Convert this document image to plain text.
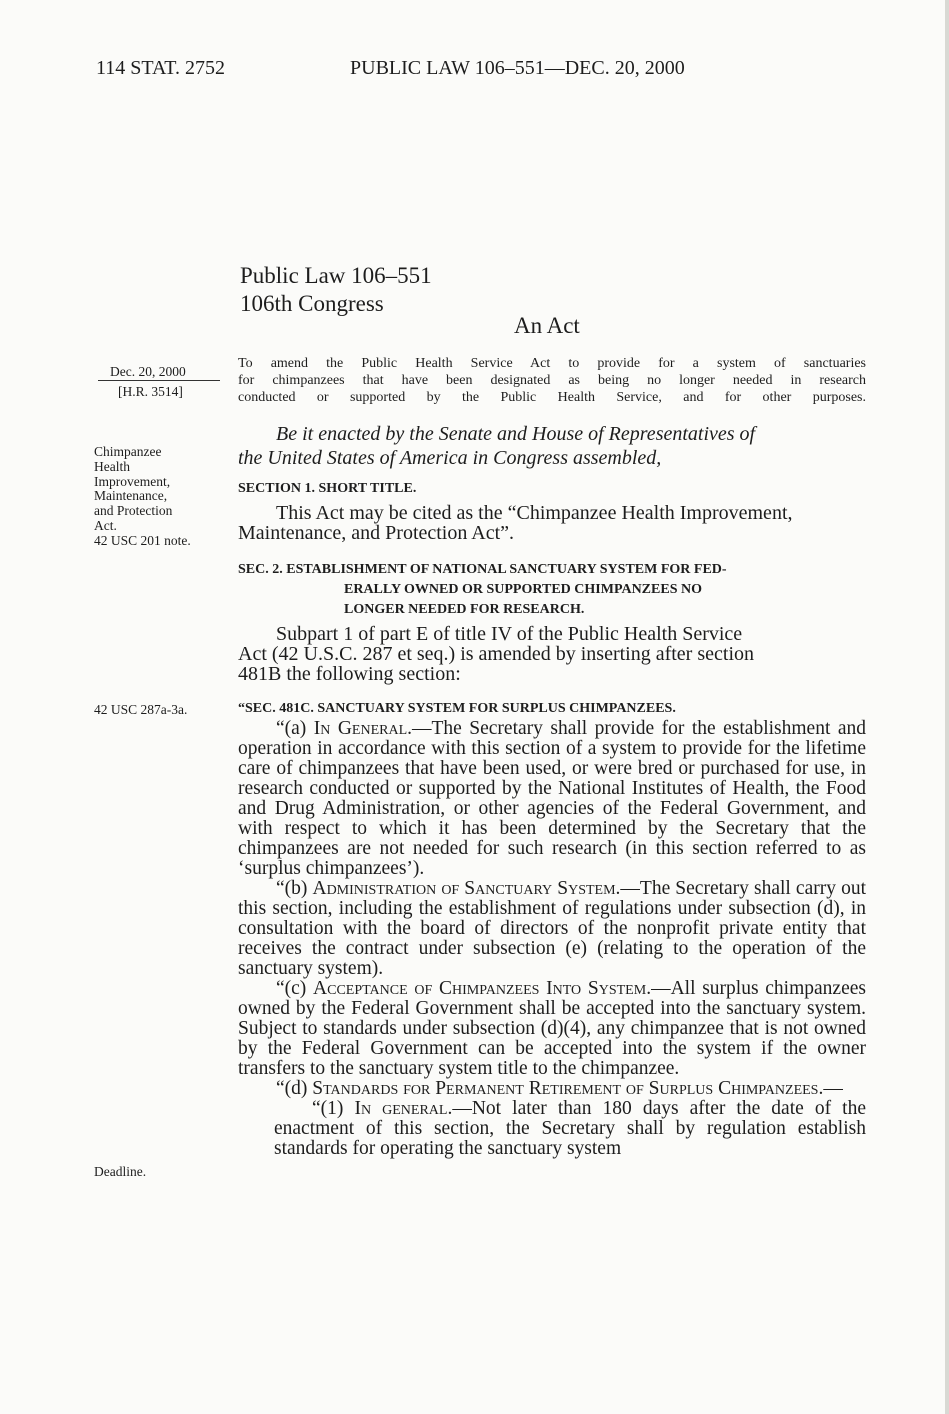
114 STAT. 2752	PUBLIC LAW 106–551—DEC. 20, 2000
Public Law 106–551
106th Congress
An Act
Dec. 20, 2000
[H.R. 3514]
Chimpanzee
Health
Improvement,
Maintenance,
and Protection
Act.
42 USC 201 note.
42 USC 287a-3a.
Deadline.
To amend the Public Health Service Act to provide for a system of sanctuaries
for chimpanzees that have been designated as being no longer needed in research
conducted or supported by the Public Health Service, and for other purposes.
Be it enacted by the Senate and House of Representatives of
the United States of America in Congress assembled,
SECTION 1. SHORT TITLE.
This Act may be cited as the “Chimpanzee Health Improvement,
Maintenance, and Protection Act”.
SEC. 2. ESTABLISHMENT OF NATIONAL SANCTUARY SYSTEM FOR FED-
ERALLY OWNED OR SUPPORTED CHIMPANZEES NO
LONGER NEEDED FOR RESEARCH.
Subpart 1 of part E of title IV of the Public Health Service
Act (42 U.S.C. 287 et seq.) is amended by inserting after section
481B the following section:
“SEC. 481C. SANCTUARY SYSTEM FOR SURPLUS CHIMPANZEES.

“(a) In General.—The Secretary shall provide for the establishment and operation in accordance with this section of a system to provide for the lifetime care of chimpanzees that have been used, or were bred or purchased for use, in research conducted or supported by the National Institutes of Health, the Food and Drug Administration, or other agencies of the Federal Government, and with respect to which it has been determined by the Secretary that the chimpanzees are not needed for such research (in this section referred to as ‘surplus chimpanzees’).

“(b) Administration of Sanctuary System.—The Secretary shall carry out this section, including the establishment of regulations under subsection (d), in consultation with the board of directors of the nonprofit private entity that receives the contract under subsection (e) (relating to the operation of the sanctuary system).

“(c) Acceptance of Chimpanzees Into System.—All surplus chimpanzees owned by the Federal Government shall be accepted into the sanctuary system. Subject to standards under subsection (d)(4), any chimpanzee that is not owned by the Federal Government can be accepted into the system if the owner transfers to the sanctuary system title to the chimpanzee.

“(d) Standards for Permanent Retirement of Surplus Chimpanzees.—

“(1) In general.—Not later than 180 days after the date of the enactment of this section, the Secretary shall by regulation establish standards for operating the sanctuary system
